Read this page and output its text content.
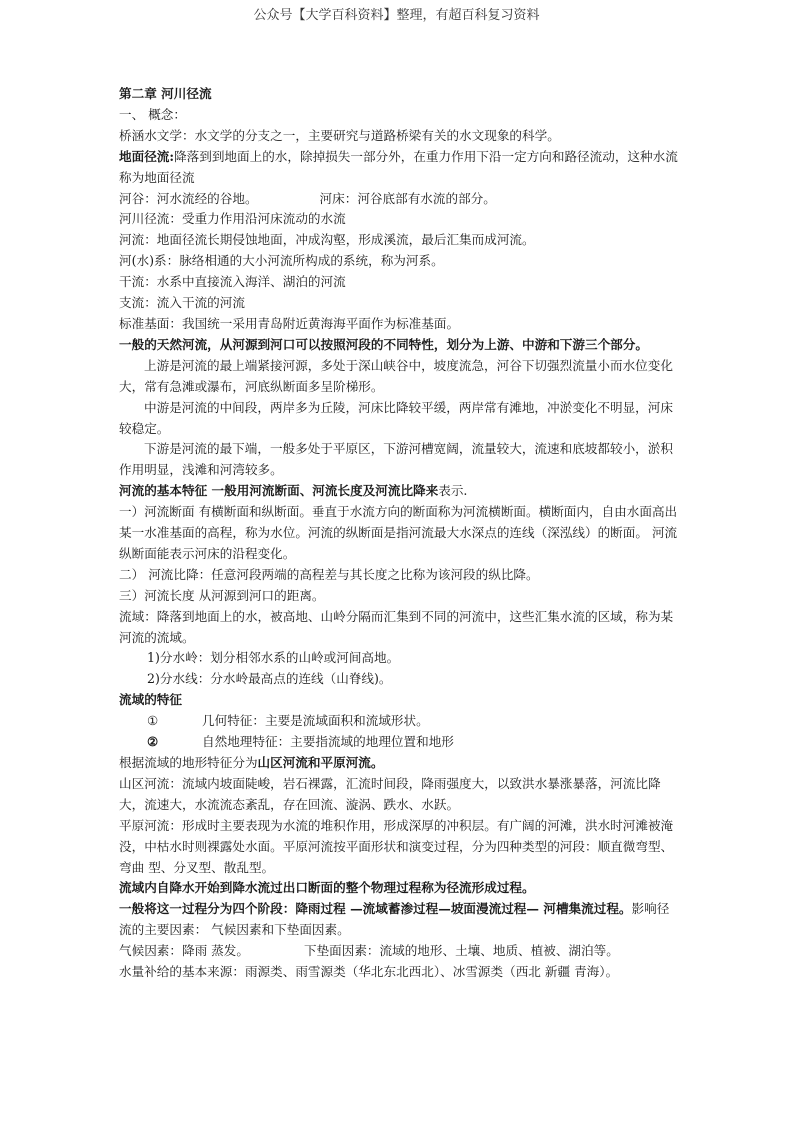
公众号【大学百科资料】整理，有超百科复习资料

第二章 河川径流

一、 概念：

桥涵水文学：水文学的分支之一，主要研究与道路桥梁有关的水文现象的科学。

地面径流:降落到到地面上的水，除掉损失一部分外，在重力作用下沿一定方向和路径流动，这种水流称为地面径流

河谷：河水流经的谷地。	河床：河谷底部有水流的部分。

河川径流：受重力作用沿河床流动的水流

河流：地面径流长期侵蚀地面，冲成沟壑，形成溪流，最后汇集而成河流。

河(水)系：脉络相通的大小河流所构成的系统，称为河系。

干流：水系中直接流入海洋、湖泊的河流

支流：流入干流的河流

标准基面：我国统一采用青岛附近黄海海平面作为标准基面。

一般的天然河流，从河源到河口可以按照河段的不同特性，划分为上游、中游和下游三个部分。

上游是河流的最上端紧接河源，多处于深山峡谷中，坡度流急，河谷下切强烈流量小而水位变化大，常有急滩或瀑布，河底纵断面多呈阶梯形。

中游是河流的中间段，两岸多为丘陵，河床比降较平缓，两岸常有滩地，冲淤变化不明显，河床较稳定。

下游是河流的最下端，一般多处于平原区，下游河槽宽阔，流量较大，流速和底坡都较小，淤积作用明显，浅滩和河湾较多。

河流的基本特征 一般用河流断面、河流长度及河流比降来表示.

一）河流断面 有横断面和纵断面。垂直于水流方向的断面称为河流横断面。横断面内，自由水面高出某一水准基面的高程，称为水位。河流的纵断面是指河流最大水深点的连线（深泓线）的断面。 河流纵断面能表示河床的沿程变化。

二） 河流比降：任意河段两端的高程差与其长度之比称为该河段的纵比降。

三）河流长度 从河源到河口的距离。

流域：降落到地面上的水，被高地、山岭分隔而汇集到不同的河流中，这些汇集水流的区域，称为某河流的流域。

1)分水岭：划分相邻水系的山岭或河间高地。

2)分水线：分水岭最高点的连线（山脊线)。

流域的特征

①	几何特征：主要是流域面积和流域形状。

②	自然地理特征：主要指流域的地理位置和地形

根据流域的地形特征分为山区河流和平原河流。

山区河流：流域内坡面陡峻，岩石裸露，汇流时间段，降雨强度大，以致洪水暴涨暴落，河流比降大，流速大，水流流态紊乱，存在回流、漩涡、跌水、水跃。

平原河流：形成时主要表现为水流的堆积作用，形成深厚的冲积层。有广阔的河滩，洪水时河滩被淹没，中枯水时则裸露处水面。平原河流按平面形状和演变过程，分为四种类型的河段：顺直微弯型、弯曲 型、分叉型、散乱型。

流域内自降水开始到降水流过出口断面的整个物理过程称为径流形成过程。

一般将这一过程分为四个阶段：降雨过程 —流域蓄渗过程—坡面漫流过程— 河槽集流过程。影响径流的主要因素： 气候因素和下垫面因素。

气候因素：降雨 蒸发。	下垫面因素：流域的地形、土壤、地质、植被、湖泊等。

水量补给的基本来源：雨源类、雨雪源类（华北东北西北）、冰雪源类（西北 新疆 青海）。
